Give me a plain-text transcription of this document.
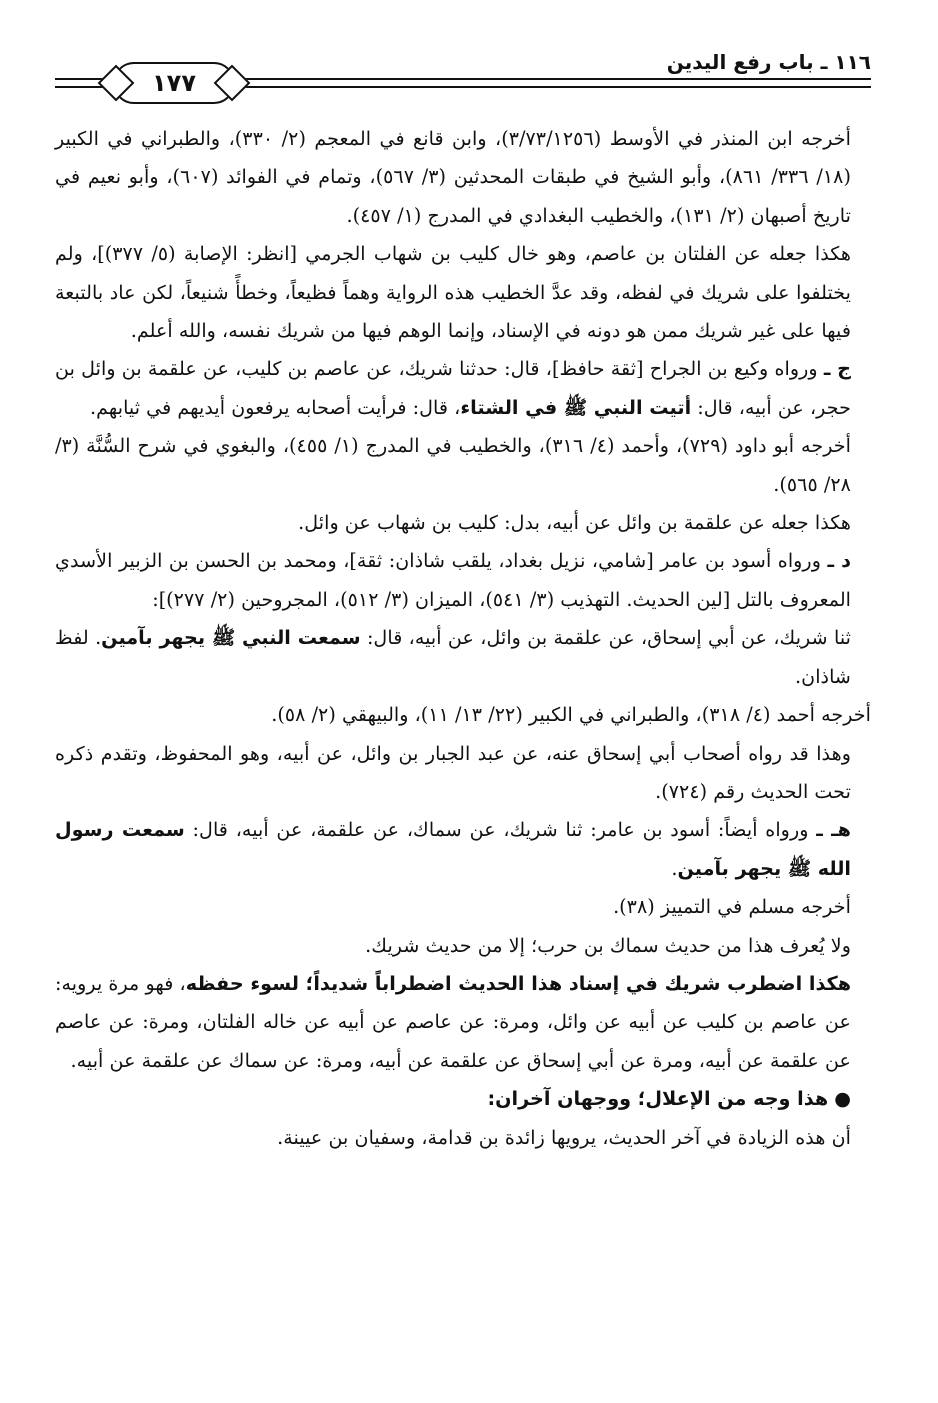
١١٦ ـ باب رفع اليدين
١٧٧

أخرجه ابن المنذر في الأوسط (٣/٧٣/١٢٥٦)، وابن قانع في المعجم (٢/ ٣٣٠)، والطبراني في الكبير (١٨/ ٣٣٦/ ٨٦١)، وأبو الشيخ في طبقات المحدثين (٣/ ٥٦٧)، وتمام في الفوائد (٦٠٧)، وأبو نعيم في تاريخ أصبهان (٢/ ١٣١)، والخطيب البغدادي في المدرج (١/ ٤٥٧).

هكذا جعله عن الفلتان بن عاصم، وهو خال كليب بن شهاب الجرمي [انظر: الإصابة (٥/ ٣٧٧)]، ولم يختلفوا على شريك في لفظه، وقد عدَّ الخطيب هذه الرواية وهماً فظيعاً، وخطأً شنيعاً، لكن عاد بالتبعة فيها على غير شريك ممن هو دونه في الإسناد، وإنما الوهم فيها من شريك نفسه، والله أعلم.

ج ـ ورواه وكيع بن الجراح [ثقة حافظ]، قال: حدثنا شريك، عن عاصم بن كليب، عن علقمة بن وائل بن حجر، عن أبيه، قال: أتيت النبي ﷺ في الشتاء، قال: فرأيت أصحابه يرفعون أيديهم في ثيابهم.

أخرجه أبو داود (٧٢٩)، وأحمد (٤/ ٣١٦)، والخطيب في المدرج (١/ ٤٥٥)، والبغوي في شرح السُّنَّة (٣/ ٢٨/ ٥٦٥).

هكذا جعله عن علقمة بن وائل عن أبيه، بدل: كليب بن شهاب عن وائل.

د ـ ورواه أسود بن عامر [شامي، نزيل بغداد، يلقب شاذان: ثقة]، ومحمد بن الحسن بن الزبير الأسدي المعروف بالتل [لين الحديث. التهذيب (٣/ ٥٤١)، الميزان (٣/ ٥١٢)، المجروحين (٢/ ٢٧٧)]:

ثنا شريك، عن أبي إسحاق، عن علقمة بن وائل، عن أبيه، قال: سمعت النبي ﷺ يجهر بآمين. لفظ شاذان.

أخرجه أحمد (٤/ ٣١٨)، والطبراني في الكبير (٢٢/ ١٣/ ١١)، والبيهقي (٢/ ٥٨).

وهذا قد رواه أصحاب أبي إسحاق عنه، عن عبد الجبار بن وائل، عن أبيه، وهو المحفوظ، وتقدم ذكره تحت الحديث رقم (٧٢٤).

هـ ـ ورواه أيضاً: أسود بن عامر: ثنا شريك، عن سماك، عن علقمة، عن أبيه، قال: سمعت رسول الله ﷺ يجهر بآمين.

أخرجه مسلم في التمييز (٣٨).

ولا يُعرف هذا من حديث سماك بن حرب؛ إلا من حديث شريك.

هكذا اضطرب شريك في إسناد هذا الحديث اضطراباً شديداً؛ لسوء حفظه، فهو مرة يرويه: عن عاصم بن كليب عن أبيه عن وائل، ومرة: عن عاصم عن أبيه عن خاله الفلتان، ومرة: عن عاصم عن علقمة عن أبيه، ومرة عن أبي إسحاق عن علقمة عن أبيه، ومرة: عن سماك عن علقمة عن أبيه.

● هذا وجه من الإعلال؛ ووجهان آخران:

أن هذه الزيادة في آخر الحديث، يرويها زائدة بن قدامة، وسفيان بن عيينة.
